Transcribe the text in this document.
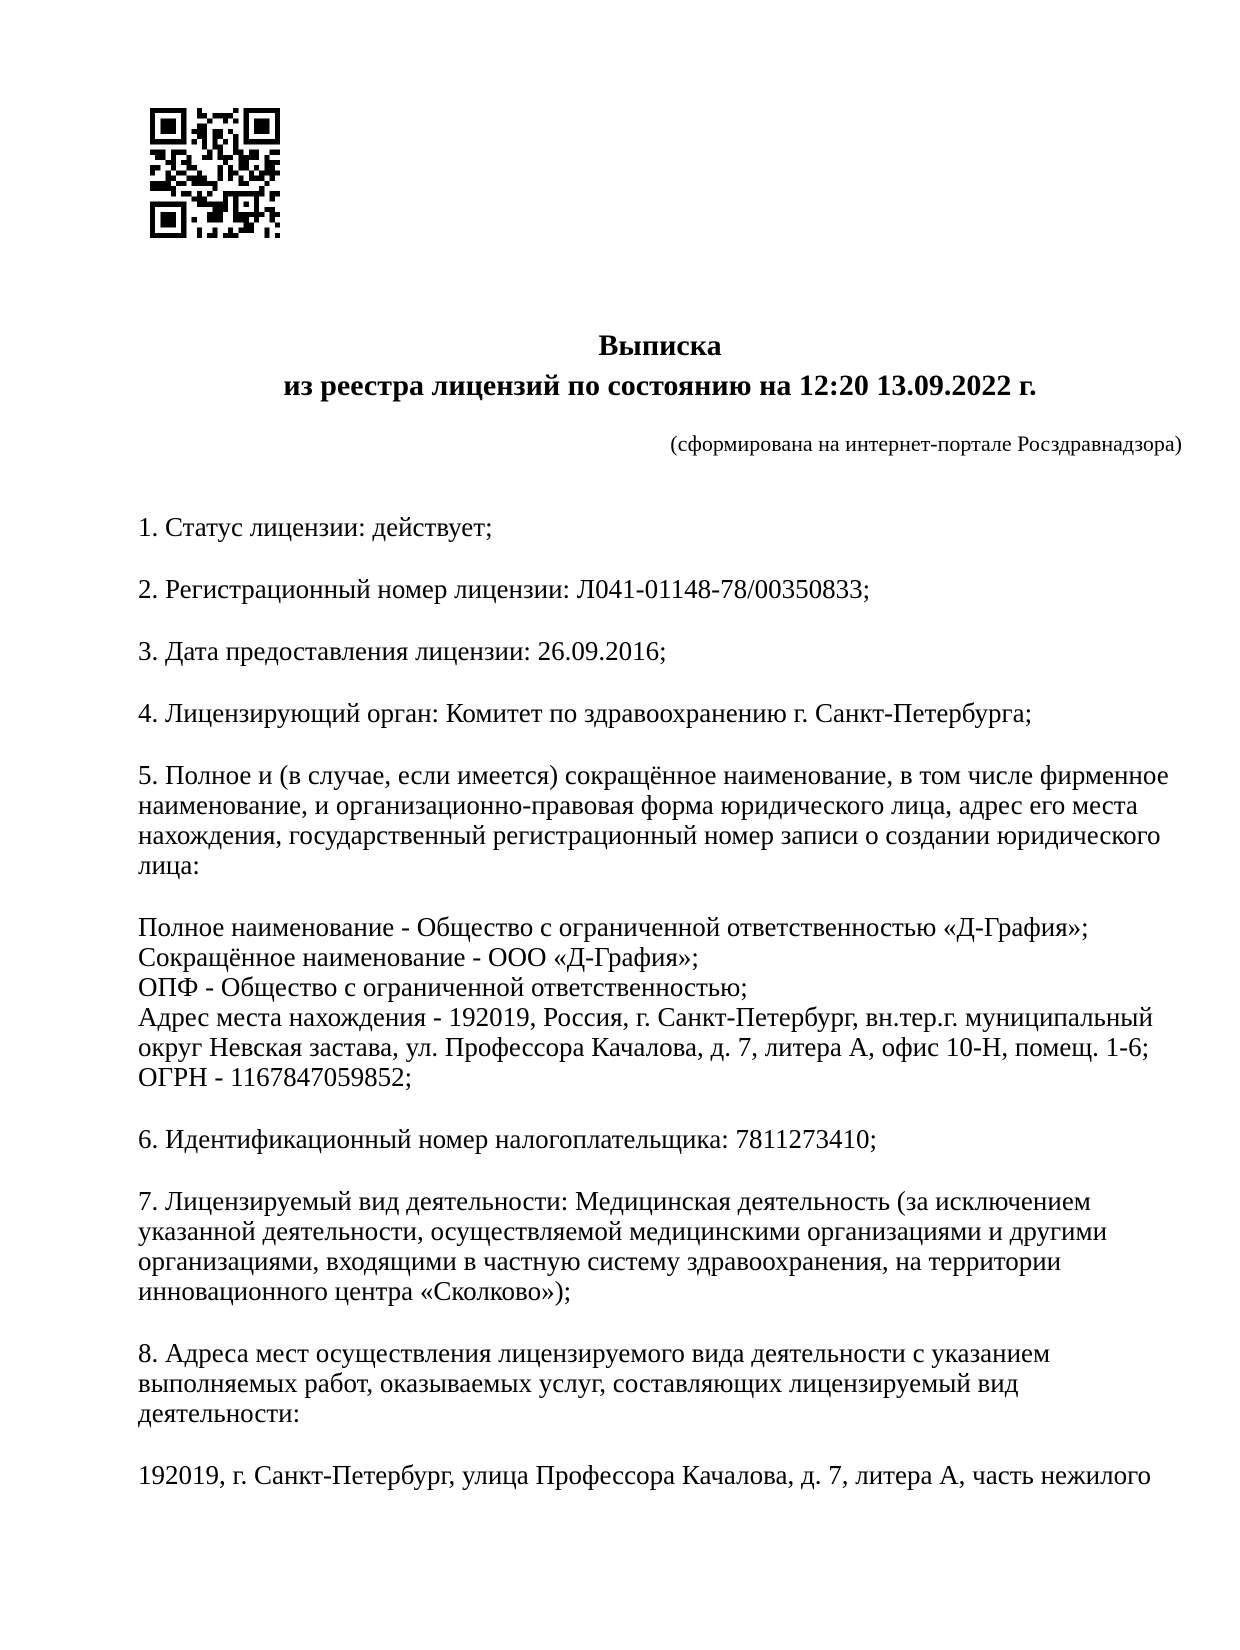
Выписка
из реестра лицензий по состоянию на 12:20 13.09.2022 г.
(сформирована на интернет-портале Росздравнадзора)

1. Статус лицензии: действует;

2. Регистрационный номер лицензии: Л041-01148-78/00350833;

3. Дата предоставления лицензии: 26.09.2016;

4. Лицензирующий орган: Комитет по здравоохранению г. Санкт-Петербурга;

5. Полное и (в случае, если имеется) сокращённое наименование, в том числе фирменное наименование, и организационно-правовая форма юридического лица, адрес его места нахождения, государственный регистрационный номер записи о создании юридического лица:

Полное наименование - Общество с ограниченной ответственностью «Д-Графия»;
Сокращённое наименование - ООО «Д-Графия»;
ОПФ - Общество с ограниченной ответственностью;
Адрес места нахождения - 192019, Россия, г. Санкт-Петербург, вн.тер.г. муниципальный округ Невская застава, ул. Профессора Качалова, д. 7, литера А, офис 10-Н, помещ. 1-6;
ОГРН - 1167847059852;

6. Идентификационный номер налогоплательщика: 7811273410;

7. Лицензируемый вид деятельности: Медицинская деятельность (за исключением указанной деятельности, осуществляемой медицинскими организациями и другими организациями, входящими в частную систему здравоохранения, на территории инновационного центра «Сколково»);

8. Адреса мест осуществления лицензируемого вида деятельности с указанием выполняемых работ, оказываемых услуг, составляющих лицензируемый вид деятельности:

192019, г. Санкт-Петербург, улица Профессора Качалова, д. 7, литера А, часть нежилого
